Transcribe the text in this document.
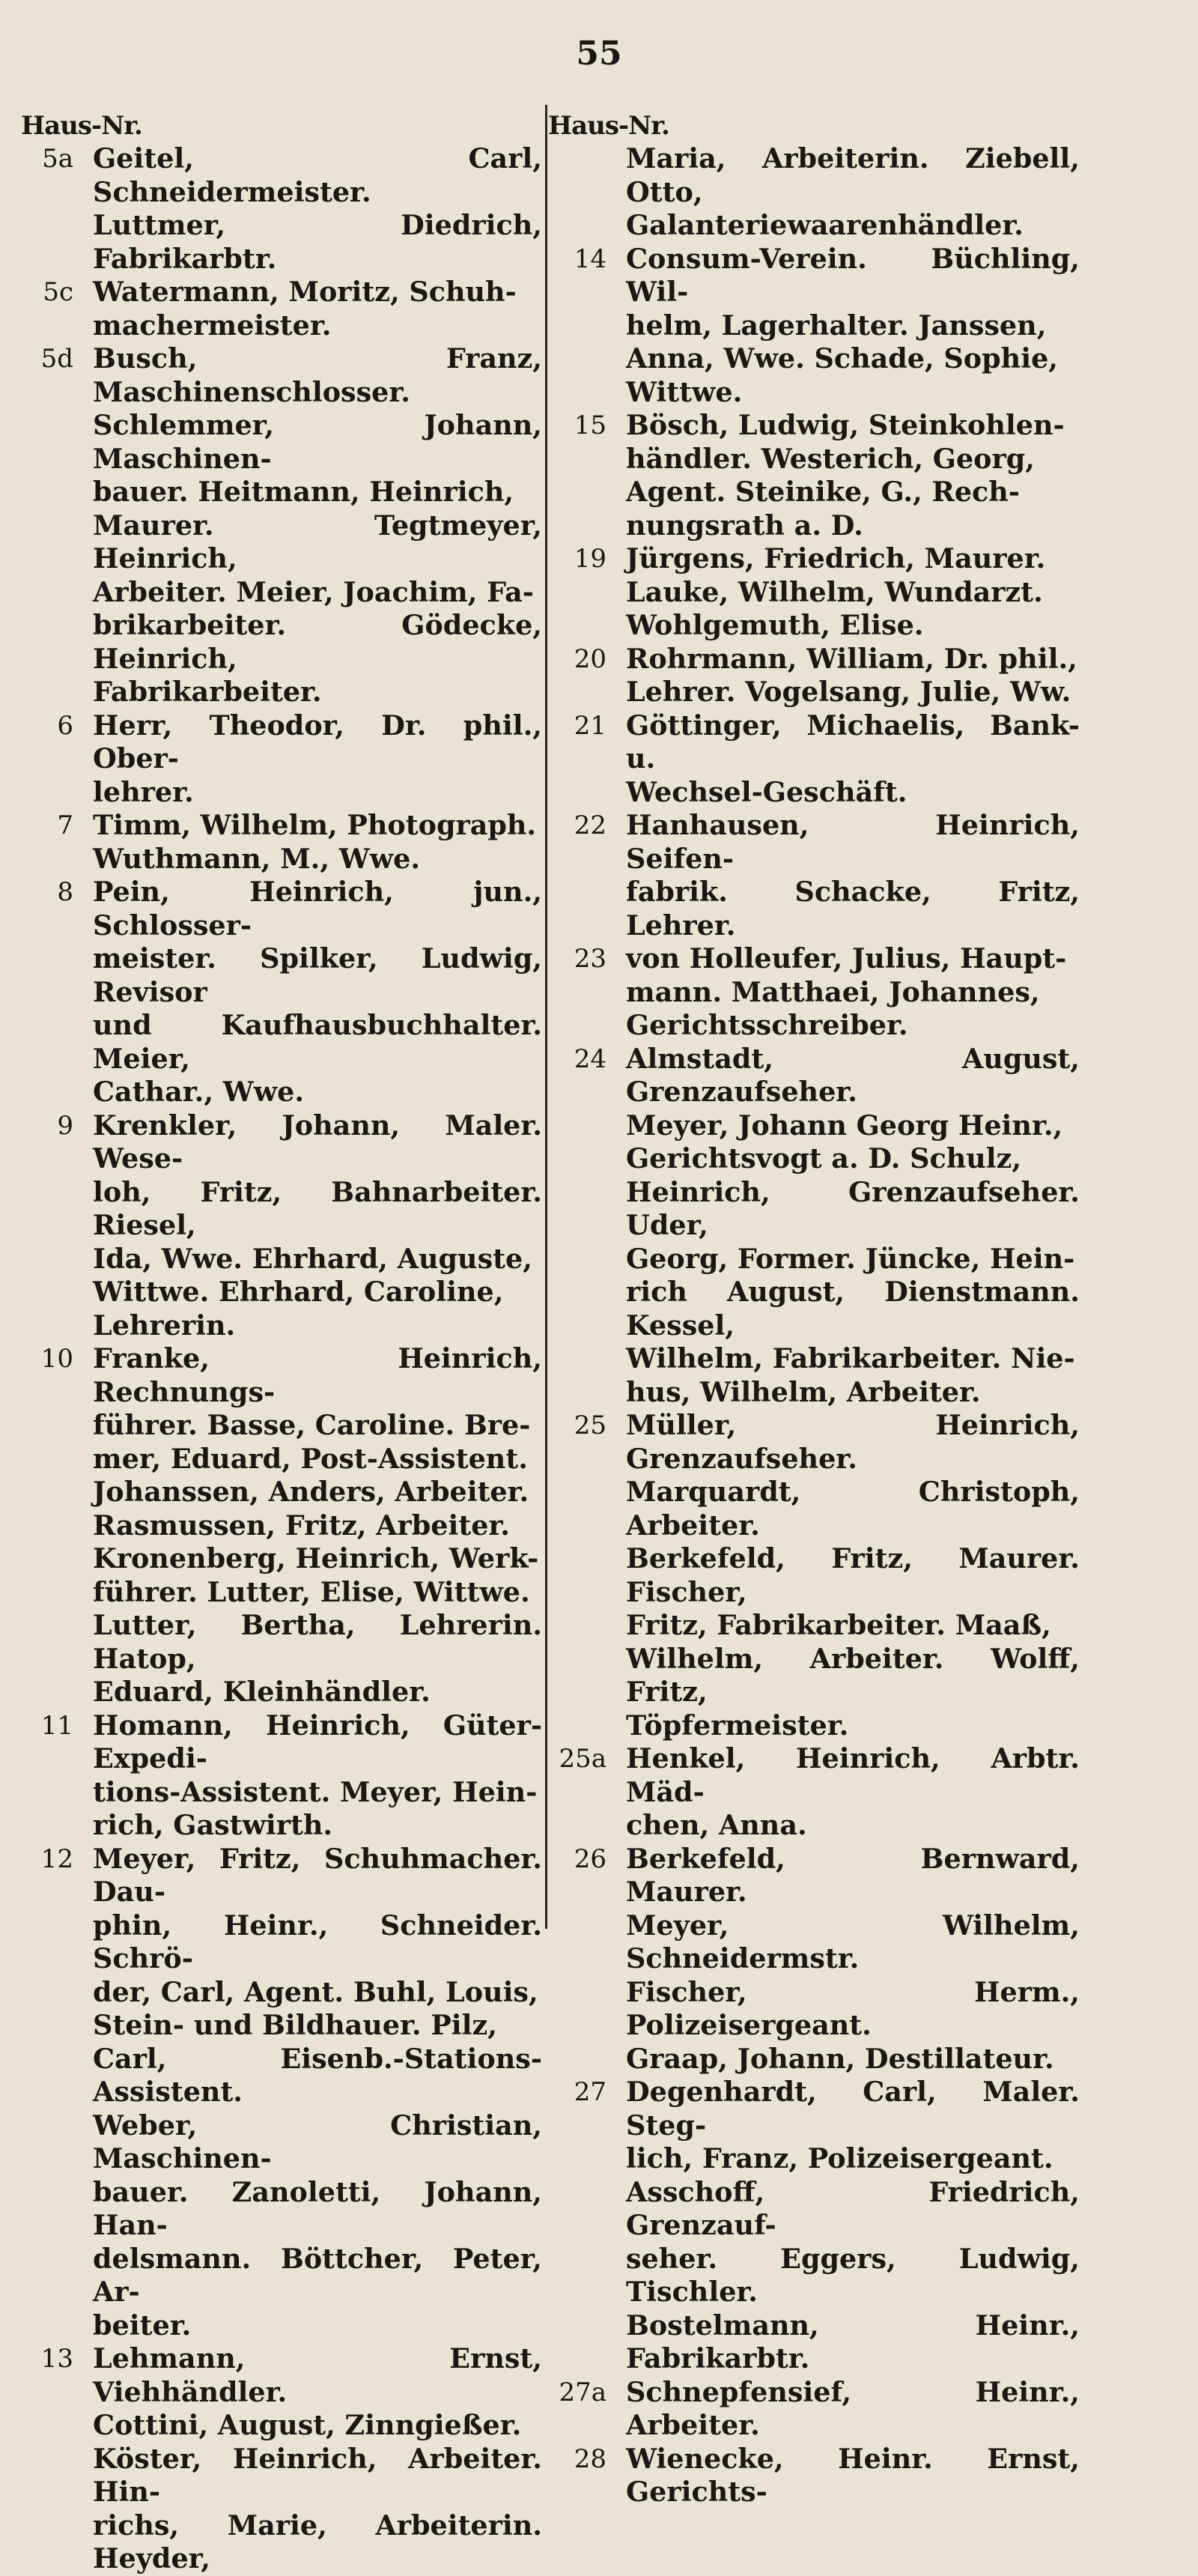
55
Haus-Nr.	Haus-Nr.
5a Geitel, Carl, Schneidermeister.
Luttmer, Diedrich, Fabrikarbtr.
5c Watermann, Moritz, Schuh-
machermeister.
5d Busch, Franz, Maschinenschlosser.
Schlemmer, Johann, Maschinen-
bauer. Heitmann, Heinrich,
Maurer. Tegtmeyer, Heinrich,
Arbeiter. Meier, Joachim, Fa-
brikarbeiter. Gödecke, Heinrich,
Fabrikarbeiter.
6 Herr, Theodor, Dr. phil., Ober-
lehrer.
7 Timm, Wilhelm, Photograph.
Wuthmann, M., Wwe.
8 Pein, Heinrich, jun., Schlosser-
meister. Spilker, Ludwig, Revisor
und Kaufhausbuchhalter. Meier,
Cathar., Wwe.
9 Krenkler, Johann, Maler. Wese-
loh, Fritz, Bahnarbeiter. Riesel,
Ida, Wwe. Ehrhard, Auguste,
Wittwe. Ehrhard, Caroline,
Lehrerin.
10 Franke, Heinrich, Rechnungs-
führer. Basse, Caroline. Bre-
mer, Eduard, Post-Assistent.
Johanssen, Anders, Arbeiter.
Rasmussen, Fritz, Arbeiter.
Kronenberg, Heinrich, Werk-
führer. Lutter, Elise, Wittwe.
Lutter, Bertha, Lehrerin. Hatop,
Eduard, Kleinhändler.
11 Homann, Heinrich, Güter-Expedi-
tions-Assistent. Meyer, Hein-
rich, Gastwirth.
12 Meyer, Fritz, Schuhmacher. Dau-
phin, Heinr., Schneider. Schrö-
der, Carl, Agent. Buhl, Louis,
Stein- und Bildhauer. Pilz,
Carl, Eisenb.-Stations-Assistent.
Weber, Christian, Maschinen-
bauer. Zanoletti, Johann, Han-
delsmann. Böttcher, Peter, Ar-
beiter.
13 Lehmann, Ernst, Viehhändler.
Cottini, August, Zinngießer.
Köster, Heinrich, Arbeiter. Hin-
richs, Marie, Arbeiterin. Heyder,
Maria, Arbeiterin. Ziebell, Otto,
Galanteriewaarenhändler.
14 Consum-Verein. Büchling, Wil-
helm, Lagerhalter. Janssen,
Anna, Wwe. Schade, Sophie,
Wittwe.
15 Bösch, Ludwig, Steinkohlen-
händler. Westerich, Georg,
Agent. Steinike, G., Rech-
nungsrath a. D.
19 Jürgens, Friedrich, Maurer.
Lauke, Wilhelm, Wundarzt.
Wohlgemuth, Elise.
20 Rohrmann, William, Dr. phil.,
Lehrer. Vogelsang, Julie, Ww.
21 Göttinger, Michaelis, Bank- u.
Wechsel-Geschäft.
22 Hanhausen, Heinrich, Seifen-
fabrik. Schacke, Fritz, Lehrer.
23 von Holleufer, Julius, Haupt-
mann. Matthaei, Johannes,
Gerichtsschreiber.
24 Almstadt, August, Grenzaufseher.
Meyer, Johann Georg Heinr.,
Gerichtsvogt a. D. Schulz,
Heinrich, Grenzaufseher. Uder,
Georg, Former. Jüncke, Hein-
rich August, Dienstmann. Kessel,
Wilhelm, Fabrikarbeiter. Nie-
hus, Wilhelm, Arbeiter.
25 Müller, Heinrich, Grenzaufseher.
Marquardt, Christoph, Arbeiter.
Berkefeld, Fritz, Maurer. Fischer,
Fritz, Fabrikarbeiter. Maaß,
Wilhelm, Arbeiter. Wolff, Fritz,
Töpfermeister.
25a Henkel, Heinrich, Arbtr. Mäd-
chen, Anna.
26 Berkefeld, Bernward, Maurer.
Meyer, Wilhelm, Schneidermstr.
Fischer, Herm., Polizeisergeant.
Graap, Johann, Destillateur.
27 Degenhardt, Carl, Maler. Steg-
lich, Franz, Polizeisergeant.
Asschoff, Friedrich, Grenzauf-
seher. Eggers, Ludwig, Tischler.
Bostelmann, Heinr., Fabrikarbtr.
27a Schnepfensief, Heinr., Arbeiter.
28 Wienecke, Heinr. Ernst, Gerichts-
